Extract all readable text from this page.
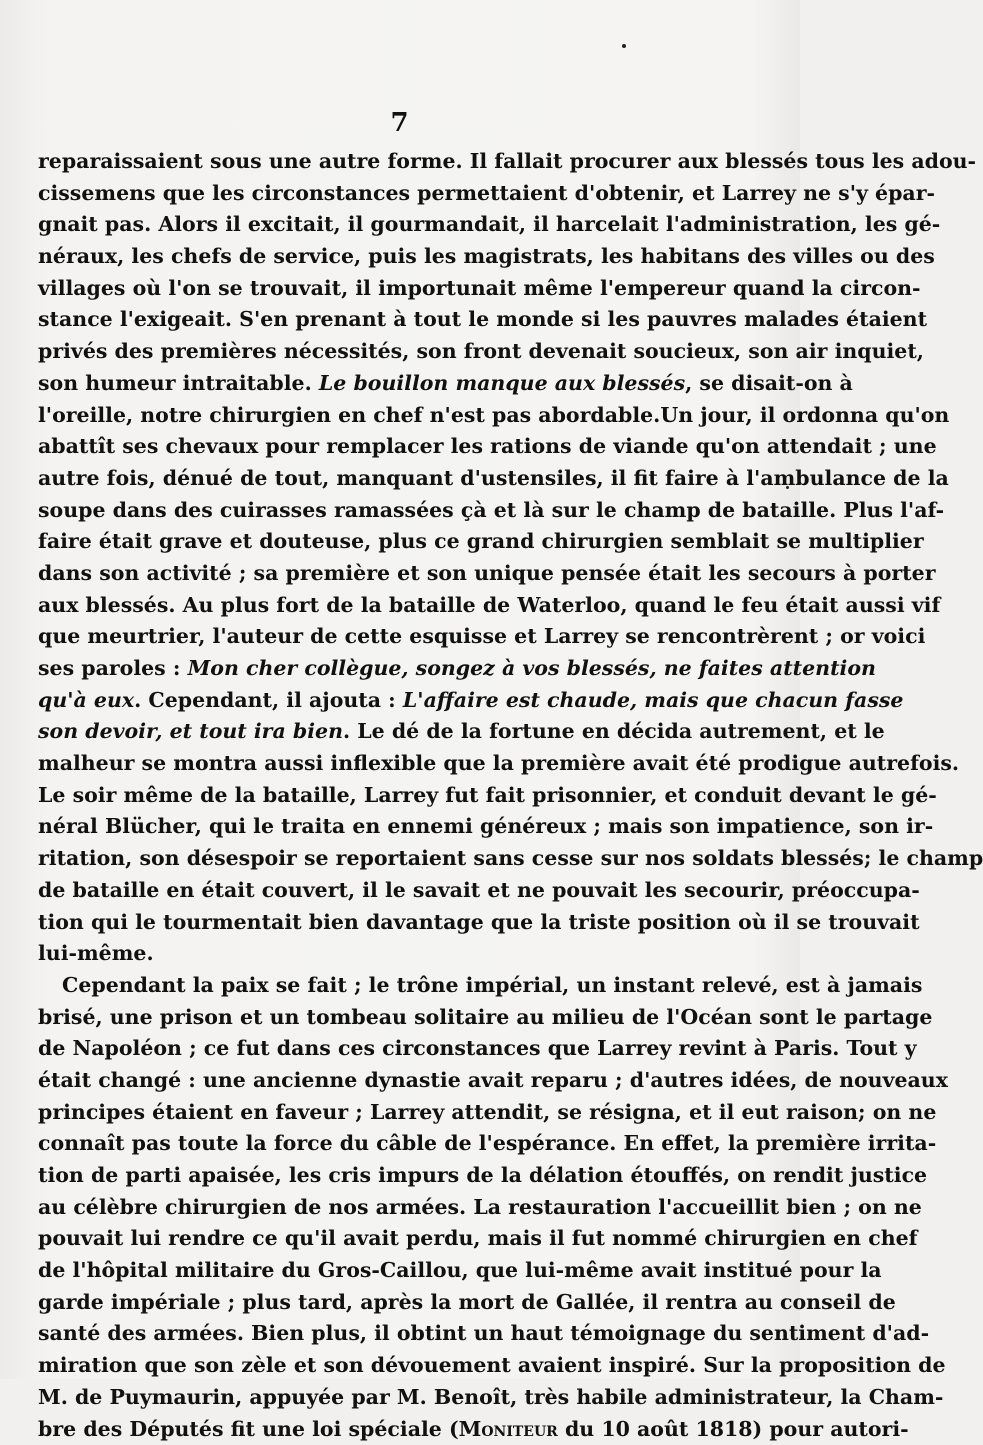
7
reparaissaient sous une autre forme. Il fallait procurer aux blessés tous les adou-
cissemens que les circonstances permettaient d'obtenir, et Larrey ne s'y épar-
gnait pas. Alors il excitait, il gourmandait, il harcelait l'administration, les gé-
néraux, les chefs de service, puis les magistrats, les habitans des villes ou des
villages où l'on se trouvait, il importunait même l'empereur quand la circon-
stance l'exigeait. S'en prenant à tout le monde si les pauvres malades étaient
privés des premières nécessités, son front devenait soucieux, son air inquiet,
son humeur intraitable. Le bouillon manque aux blessés, se disait-on à
l'oreille, notre chirurgien en chef n'est pas abordable.Un jour, il ordonna qu'on
abattît ses chevaux pour remplacer les rations de viande qu'on attendait ; une
autre fois, dénué de tout, manquant d'ustensiles, il fit faire à l'ambulance de la
soupe dans des cuirasses ramassées çà et là sur le champ de bataille. Plus l'af-
faire était grave et douteuse, plus ce grand chirurgien semblait se multiplier
dans son activité ; sa première et son unique pensée était les secours à porter
aux blessés. Au plus fort de la bataille de Waterloo, quand le feu était aussi vif
que meurtrier, l'auteur de cette esquisse et Larrey se rencontrèrent ; or voici
ses paroles : Mon cher collègue, songez à vos blessés, ne faites attention
qu'à eux. Cependant, il ajouta : L'affaire est chaude, mais que chacun fasse
son devoir, et tout ira bien. Le dé de la fortune en décida autrement, et le
malheur se montra aussi inflexible que la première avait été prodigue autrefois.
Le soir même de la bataille, Larrey fut fait prisonnier, et conduit devant le gé-
néral Blücher, qui le traita en ennemi généreux ; mais son impatience, son ir-
ritation, son désespoir se reportaient sans cesse sur nos soldats blessés; le champ
de bataille en était couvert, il le savait et ne pouvait les secourir, préoccupa-
tion qui le tourmentait bien davantage que la triste position où il se trouvait
lui-même.
Cependant la paix se fait ; le trône impérial, un instant relevé, est à jamais
brisé, une prison et un tombeau solitaire au milieu de l'Océan sont le partage
de Napoléon ; ce fut dans ces circonstances que Larrey revint à Paris. Tout y
était changé : une ancienne dynastie avait reparu ; d'autres idées, de nouveaux
principes étaient en faveur ; Larrey attendit, se résigna, et il eut raison; on ne
connaît pas toute la force du câble de l'espérance. En effet, la première irrita-
tion de parti apaisée, les cris impurs de la délation étouffés, on rendit justice
au célèbre chirurgien de nos armées. La restauration l'accueillit bien ; on ne
pouvait lui rendre ce qu'il avait perdu, mais il fut nommé chirurgien en chef
de l'hôpital militaire du Gros-Caillou, que lui-même avait institué pour la
garde impériale ; plus tard, après la mort de Gallée, il rentra au conseil de
santé des armées. Bien plus, il obtint un haut témoignage du sentiment d'ad-
miration que son zèle et son dévouement avaient inspiré. Sur la proposition de
M. de Puymaurin, appuyée par M. Benoît, très habile administrateur, la Cham-
bre des Députés fit une loi spéciale (Moniteur du 10 août 1818) pour autori-
